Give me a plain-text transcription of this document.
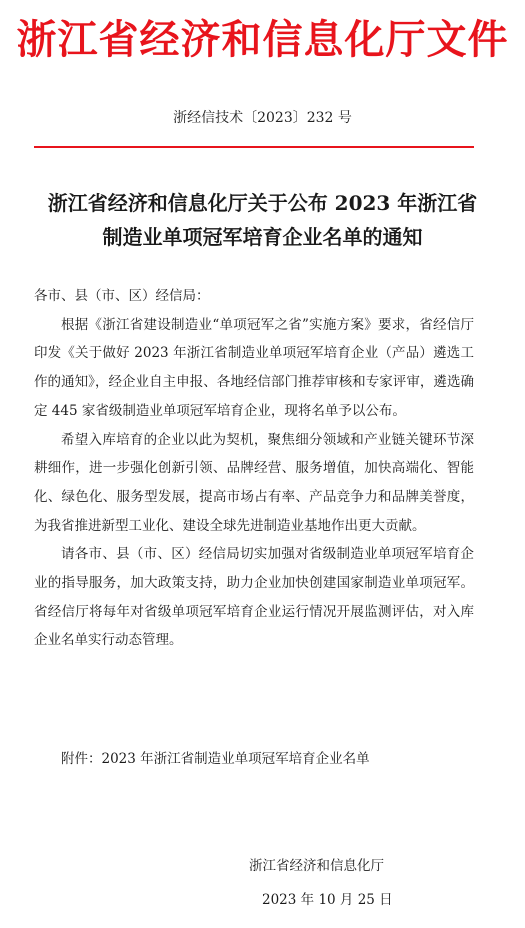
浙江省经济和信息化厅文件
浙经信技术〔2023〕232 号
浙江省经济和信息化厅关于公布 2023 年浙江省
制造业单项冠军培育企业名单的通知

各市、县（市、区）经信局：

根据《浙江省建设制造业“单项冠军之省”实施方案》要求，省经信厅印发《关于做好 2023 年浙江省制造业单项冠军培育企业（产品）遴选工作的通知》，经企业自主申报、各地经信部门推荐审核和专家评审，遴选确定 445 家省级制造业单项冠军培育企业，现将名单予以公布。

希望入库培育的企业以此为契机，聚焦细分领域和产业链关键环节深耕细作，进一步强化创新引领、品牌经营、服务增值，加快高端化、智能化、绿色化、服务型发展，提高市场占有率、产品竞争力和品牌美誉度，为我省推进新型工业化、建设全球先进制造业基地作出更大贡献。

请各市、县（市、区）经信局切实加强对省级制造业单项冠军培育企业的指导服务，加大政策支持，助力企业加快创建国家制造业单项冠军。省经信厅将每年对省级单项冠军培育企业运行情况开展监测评估，对入库企业名单实行动态管理。

附件：2023 年浙江省制造业单项冠军培育企业名单
浙江省经济和信息化厅
2023 年 10 月 25 日
